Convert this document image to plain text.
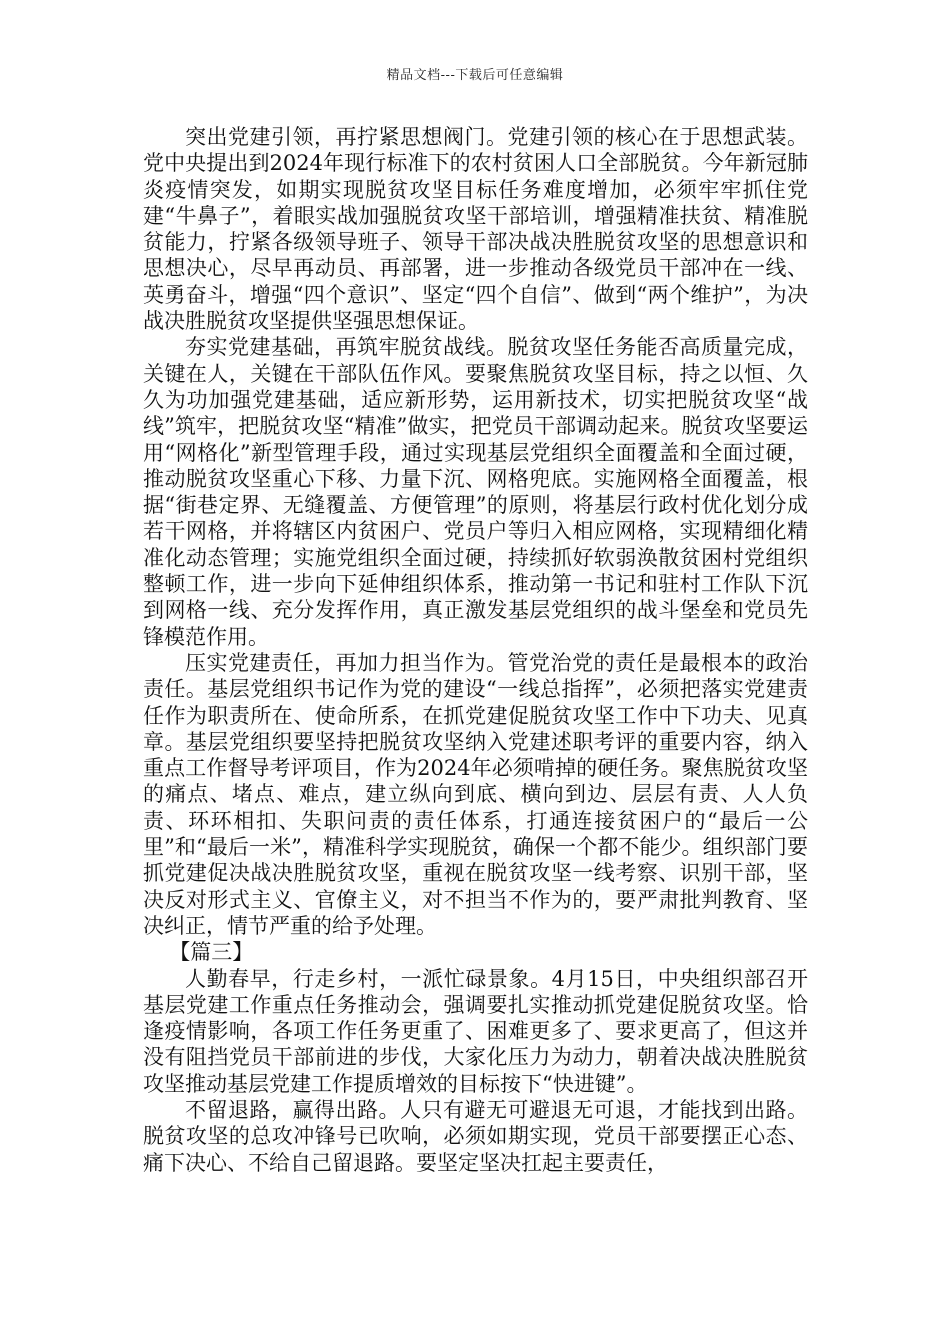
精品文档---下载后可任意编辑

突出党建引领，再拧紧思想阀门。党建引领的核心在于思想武装。党中央提出到2024年现行标准下的农村贫困人口全部脱贫。今年新冠肺炎疫情突发，如期实现脱贫攻坚目标任务难度增加，必须牢牢抓住党建“牛鼻子”，着眼实战加强脱贫攻坚干部培训，增强精准扶贫、精准脱贫能力，拧紧各级领导班子、领导干部决战决胜脱贫攻坚的思想意识和思想决心，尽早再动员、再部署，进一步推动各级党员干部冲在一线、英勇奋斗，增强“四个意识”、坚定“四个自信”、做到“两个维护”，为决战决胜脱贫攻坚提供坚强思想保证。

夯实党建基础，再筑牢脱贫战线。脱贫攻坚任务能否高质量完成，关键在人，关键在干部队伍作风。要聚焦脱贫攻坚目标，持之以恒、久久为功加强党建基础，适应新形势，运用新技术，切实把脱贫攻坚“战线”筑牢，把脱贫攻坚“精准”做实，把党员干部调动起来。脱贫攻坚要运用“网格化”新型管理手段，通过实现基层党组织全面覆盖和全面过硬，推动脱贫攻坚重心下移、力量下沉、网格兜底。实施网格全面覆盖，根据“街巷定界、无缝覆盖、方便管理”的原则，将基层行政村优化划分成若干网格，并将辖区内贫困户、党员户等归入相应网格，实现精细化精准化动态管理；实施党组织全面过硬，持续抓好软弱涣散贫困村党组织整顿工作，进一步向下延伸组织体系，推动第一书记和驻村工作队下沉到网格一线、充分发挥作用，真正激发基层党组织的战斗堡垒和党员先锋模范作用。

压实党建责任，再加力担当作为。管党治党的责任是最根本的政治责任。基层党组织书记作为党的建设“一线总指挥”，必须把落实党建责任作为职责所在、使命所系，在抓党建促脱贫攻坚工作中下功夫、见真章。基层党组织要坚持把脱贫攻坚纳入党建述职考评的重要内容，纳入重点工作督导考评项目，作为2024年必须啃掉的硬任务。聚焦脱贫攻坚的痛点、堵点、难点，建立纵向到底、横向到边、层层有责、人人负责、环环相扣、失职问责的责任体系，打通连接贫困户的“最后一公里”和“最后一米”，精准科学实现脱贫，确保一个都不能少。组织部门要抓党建促决战决胜脱贫攻坚，重视在脱贫攻坚一线考察、识别干部，坚决反对形式主义、官僚主义，对不担当不作为的，要严肃批判教育、坚决纠正，情节严重的给予处理。

【篇三】

人勤春早，行走乡村，一派忙碌景象。4月15日，中央组织部召开基层党建工作重点任务推动会，强调要扎实推动抓党建促脱贫攻坚。恰逢疫情影响，各项工作任务更重了、困难更多了、要求更高了，但这并没有阻挡党员干部前进的步伐，大家化压力为动力，朝着决战决胜脱贫攻坚推动基层党建工作提质增效的目标按下“快进键”。

不留退路，赢得出路。人只有避无可避退无可退，才能找到出路。脱贫攻坚的总攻冲锋号已吹响，必须如期实现，党员干部要摆正心态、痛下决心、不给自己留退路。要坚定坚决扛起主要责任，
